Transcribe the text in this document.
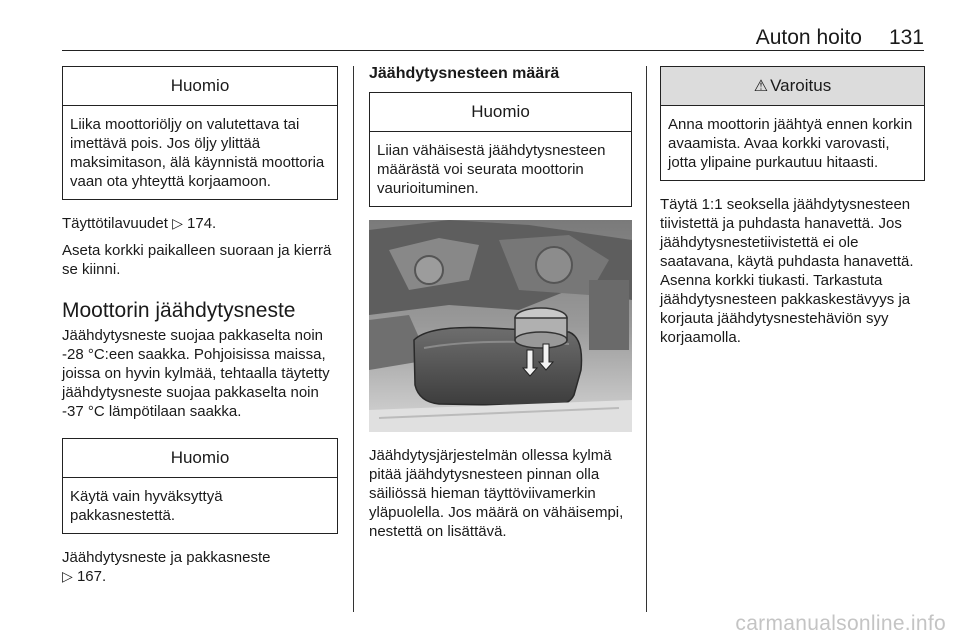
Auton hoito 131
Huomio
Liika moottoriöljy on valutettava tai imettävä pois. Jos öljy ylittää maksimitason, älä käynnistä moottoria vaan ota yhteyttä korjaamoon.

Täyttötilavuudet ▷ 174.

Aseta korkki paikalleen suoraan ja kierrä se kiinni.

Moottorin jäähdytysneste

Jäähdytysneste suojaa pakkaselta noin -28 °C:een saakka. Pohjoisissa maissa, joissa on hyvin kylmää, tehtaalla täytetty jäähdytysneste suojaa pakkaselta noin -37 °C lämpötilaan saakka.

Huomio
Käytä vain hyväksyttyä pakkasnestettä.

Jäähdytysneste ja pakkasneste
▷ 167.

Jäähdytysnesteen määrä
Huomio
Liian vähäisestä jäähdytysnesteen määrästä voi seurata moottorin vaurioituminen.

Jäähdytysjärjestelmän ollessa kylmä pitää jäähdytysnesteen pinnan olla säiliössä hieman täyttöviivamerkin yläpuolella. Jos määrä on vähäisempi, nestettä on lisättävä.

⚠ Varoitus
Anna moottorin jäähtyä ennen korkin avaamista. Avaa korkki varovasti, jotta ylipaine purkautuu hitaasti.

Täytä 1:1 seoksella jäähdytysnesteen tiivistettä ja puhdasta hanavettä. Jos jäähdytysnestetiivistettä ei ole saatavana, käytä puhdasta hanavettä. Asenna korkki tiukasti. Tarkastuta jäähdytysnesteen pakkaskestävyys ja korjauta jäähdytysnestehäviön syy korjaamolla.

carmanualsonline.info
